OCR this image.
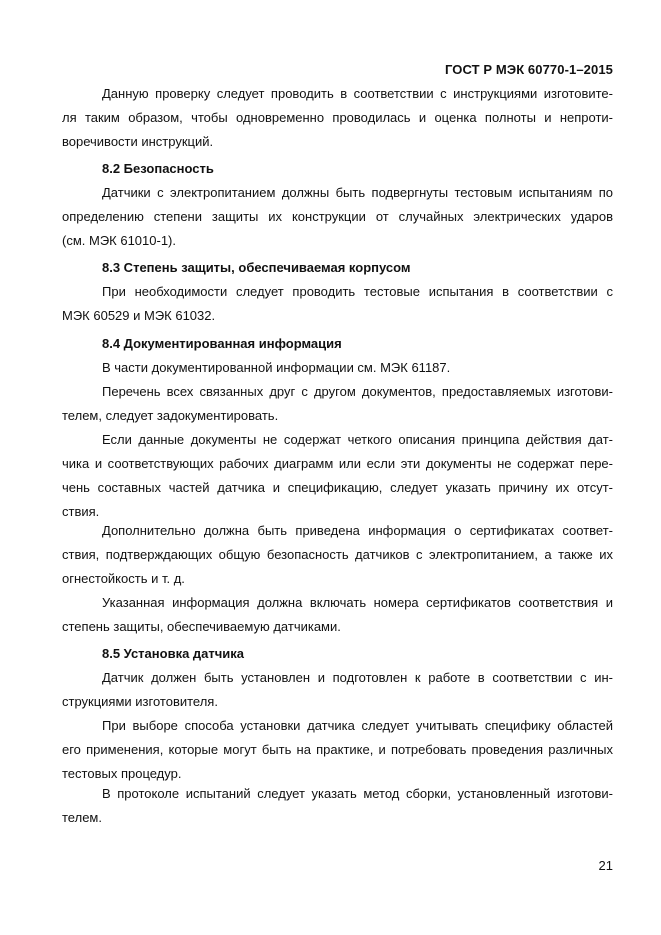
ГОСТ Р МЭК 60770-1–2015
Данную проверку следует проводить в соответствии с инструкциями изготовите-
ля таким образом, чтобы одновременно проводилась и оценка полноты и непроти-
воречивости инструкций.
8.2 Безопасность
Датчики с электропитанием должны быть подвергнуты тестовым испытаниям по
определению степени защиты их конструкции от случайных электрических ударов
(см. МЭК 61010-1).
8.3 Степень защиты, обеспечиваемая корпусом
При необходимости следует проводить тестовые испытания в соответствии с
МЭК 60529 и МЭК 61032.
8.4 Документированная информация
В части документированной информации см. МЭК 61187.
Перечень всех связанных друг с другом документов, предоставляемых изготови-
телем, следует задокументировать.
Если данные документы не содержат четкого описания принципа действия дат-
чика и соответствующих рабочих диаграмм или если эти документы не содержат пере-
чень составных частей датчика и спецификацию, следует указать причину их отсут-
ствия.
Дополнительно должна быть приведена информация о сертификатах соответ-
ствия, подтверждающих общую безопасность датчиков с электропитанием, а также их
огнестойкость и т. д.
Указанная информация должна включать номера сертификатов соответствия и
степень защиты, обеспечиваемую датчиками.
8.5 Установка датчика
Датчик должен быть установлен и подготовлен к работе в соответствии с ин-
струкциями изготовителя.
При выборе способа установки датчика следует учитывать специфику областей
его применения, которые могут быть на практике, и потребовать проведения различных
тестовых процедур.
В протоколе испытаний следует указать метод сборки, установленный изготови-
телем.
21
